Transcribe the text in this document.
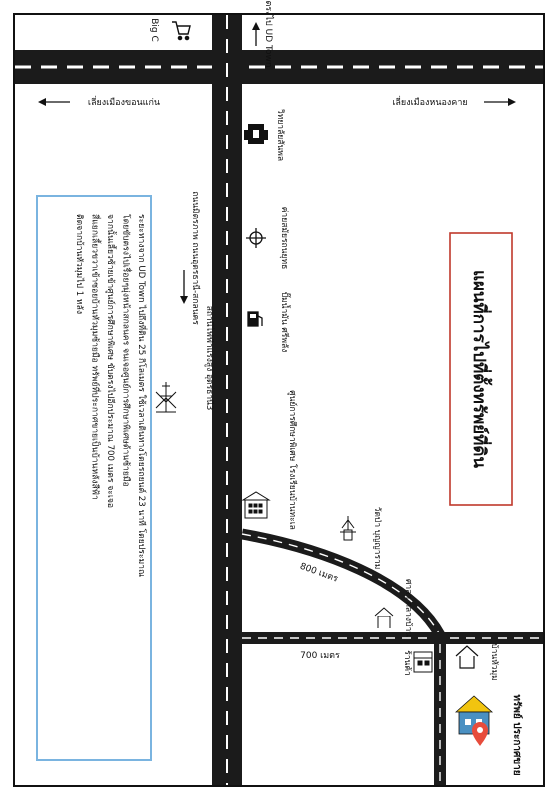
ตรงไป UD Town
Big C
เลี่ยงเมืองขอนแก่น	เลี่ยงเมืองหนองคาย
ถนนมิตรภาพ ถนนอุดรธานี-สกลนคร
วิทยาลัยสันพล
ค่ายสมัยรถนยุทธ
ปั๊มน้ำมัน ศรีพลัง
สถานีไฟฟ้าแรงสูง อุดรธานี3
ศูนย์การศึกษาพิเศษ โรงเรียนบ้านทะเล
วัดป่า บุญญาราม
800 เมตร
ศาลา กลางบ้าน
700 เมตร	ร้านค้า	บ้านหัวมุม
ทรัพย์ ประกาศขาย
แผนที่การไปที่ตั้งทรัพย์ที่ดิน
ระยะทางจาก UD Town ไปถึงที่ดิน 25 กิโลเมตร ใช้เวลาเดินทางโดยรถยนต์ 23 นาที โดยประมาณโดยขับตรงไปเรื่อยๆมุ่งหน้าสกลนคร จนเจอศูนย์การศึกษาพิเศษด้านซ้ายมือจากนั้นเลี้ยวซ้ายเข้าศูนย์การศึกษาพิเศษ ขับตรงไปอีกประมาณ 700 เมตร จะเจอสี่แยกเลี้ยวขวาเข้าซอยบ้านหัวมุมซ้ายมือ ทรัพย์ที่ประกาศขายเป็นบ้านหลังสีฟ้าติดจากบ้านหัวมุมไป 1 หลัง
